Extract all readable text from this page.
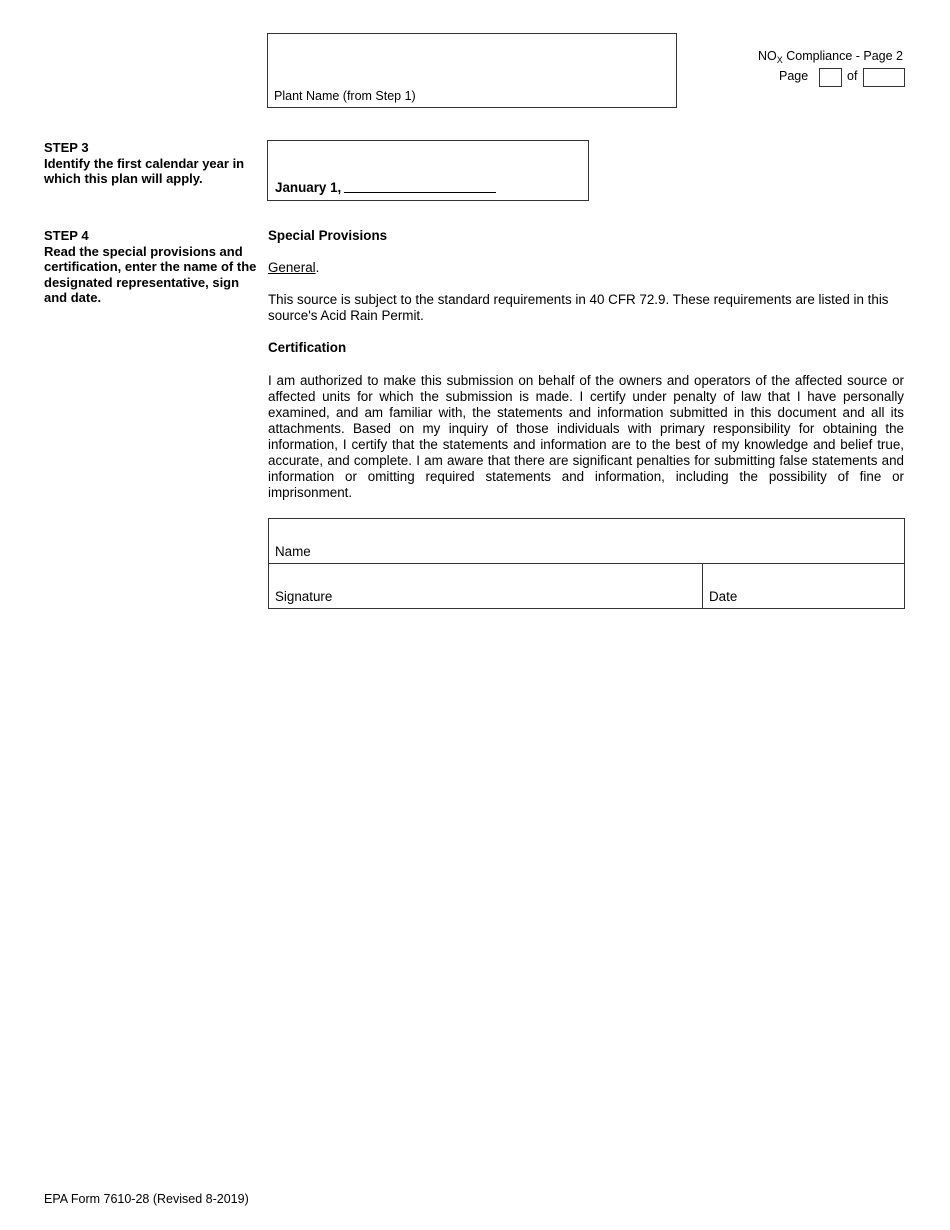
Plant Name (from Step 1)
$NO_X$ Compliance - Page 2
Page	of
STEP 3
Identify the first calendar year in which this plan will apply.
January 1,
STEP 4
Read the special provisions and certification, enter the name of the designated representative, sign and date.
Special Provisions
General.
This source is subject to the standard requirements in 40 CFR 72.9. These requirements are listed in this source's Acid Rain Permit.
Certification
I am authorized to make this submission on behalf of the owners and operators of the affected source or affected units for which the submission is made. I certify under penalty of law that I have personally examined, and am familiar with, the statements and information submitted in this document and all its attachments. Based on my inquiry of those individuals with primary responsibility for obtaining the information, I certify that the statements and information are to the best of my knowledge and belief true, accurate, and complete. I am aware that there are significant penalties for submitting false statements and information or omitting required statements and information, including the possibility of fine or imprisonment.
Name
Signature	Date
EPA Form 7610-28 (Revised 8-2019)
